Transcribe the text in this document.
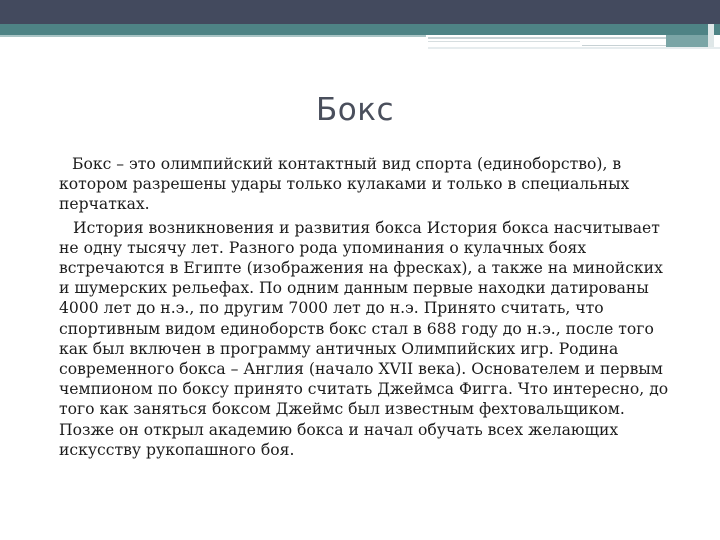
Бокс

Бокс – это олимпийский контактный вид спорта (единоборство), в котором разрешены удары только кулаками и только в специальных перчатках.

История возникновения и развития бокса История бокса насчитывает не одну тысячу лет. Разного рода упоминания о кулачных боях встречаются в Египте (изображения на фресках), а также на минойских и шумерских рельефах. По одним данным первые находки датированы 4000 лет до н.э., по другим 7000 лет до н.э. Принято считать, что спортивным видом единоборств бокс стал в 688 году до н.э., после того как был включен в программу античных Олимпийских игр. Родина современного бокса – Англия (начало XVII века). Основателем и первым чемпионом по боксу принято считать Джеймса Фигга. Что интересно, до того как заняться боксом Джеймс был известным фехтовальщиком. Позже он открыл академию бокса и начал обучать всех желающих искусству рукопашного боя.
